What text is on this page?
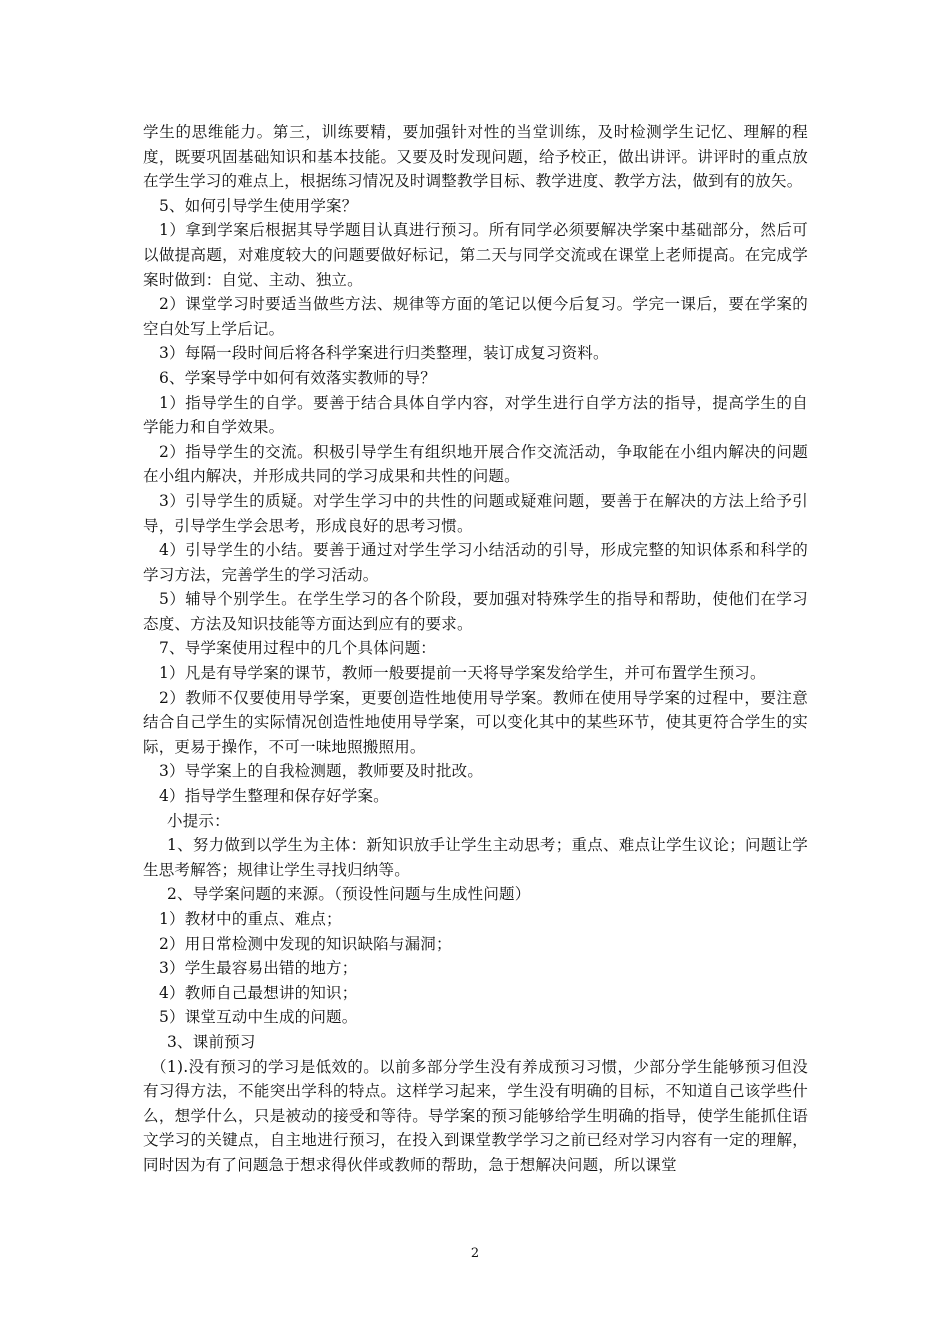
学生的思维能力。第三，训练要精，要加强针对性的当堂训练，及时检测学生记忆、理解的程度，既要巩固基础知识和基本技能。又要及时发现问题，给予校正，做出讲评。讲评时的重点放在学生学习的难点上，根据练习情况及时调整教学目标、教学进度、教学方法，做到有的放矢。

5、如何引导学生使用学案？

1）拿到学案后根据其导学题目认真进行预习。所有同学必须要解决学案中基础部分，然后可以做提高题，对难度较大的问题要做好标记，第二天与同学交流或在课堂上老师提高。在完成学案时做到：自觉、主动、独立。

2）课堂学习时要适当做些方法、规律等方面的笔记以便今后复习。学完一课后，要在学案的空白处写上学后记。

3）每隔一段时间后将各科学案进行归类整理，装订成复习资料。

6、学案导学中如何有效落实教师的导？

1）指导学生的自学。要善于结合具体自学内容，对学生进行自学方法的指导，提高学生的自学能力和自学效果。

2）指导学生的交流。积极引导学生有组织地开展合作交流活动，争取能在小组内解决的问题在小组内解决，并形成共同的学习成果和共性的问题。

3）引导学生的质疑。对学生学习中的共性的问题或疑难问题，要善于在解决的方法上给予引导，引导学生学会思考，形成良好的思考习惯。

4）引导学生的小结。要善于通过对学生学习小结活动的引导，形成完整的知识体系和科学的学习方法，完善学生的学习活动。

5）辅导个别学生。在学生学习的各个阶段，要加强对特殊学生的指导和帮助，使他们在学习态度、方法及知识技能等方面达到应有的要求。

7、导学案使用过程中的几个具体问题：

1）凡是有导学案的课节，教师一般要提前一天将导学案发给学生，并可布置学生预习。

2）教师不仅要使用导学案，更要创造性地使用导学案。教师在使用导学案的过程中，要注意结合自己学生的实际情况创造性地使用导学案，可以变化其中的某些环节，使其更符合学生的实际，更易于操作，不可一味地照搬照用。

3）导学案上的自我检测题，教师要及时批改。

4）指导学生整理和保存好学案。

小提示：

1、努力做到以学生为主体：新知识放手让学生主动思考；重点、难点让学生议论；问题让学生思考解答；规律让学生寻找归纳等。

2、导学案问题的来源。（预设性问题与生成性问题）

1）教材中的重点、难点；

2）用日常检测中发现的知识缺陷与漏洞；

3）学生最容易出错的地方；

4）教师自己最想讲的知识；

5）课堂互动中生成的问题。

3、课前预习

（1).没有预习的学习是低效的。以前多部分学生没有养成预习习惯，少部分学生能够预习但没有习得方法，不能突出学科的特点。这样学习起来，学生没有明确的目标，不知道自己该学些什么，想学什么，只是被动的接受和等待。导学案的预习能够给学生明确的指导，使学生能抓住语文学习的关键点，自主地进行预习，在投入到课堂教学学习之前已经对学习内容有一定的理解，同时因为有了问题急于想求得伙伴或教师的帮助，急于想解决问题，所以课堂

2
